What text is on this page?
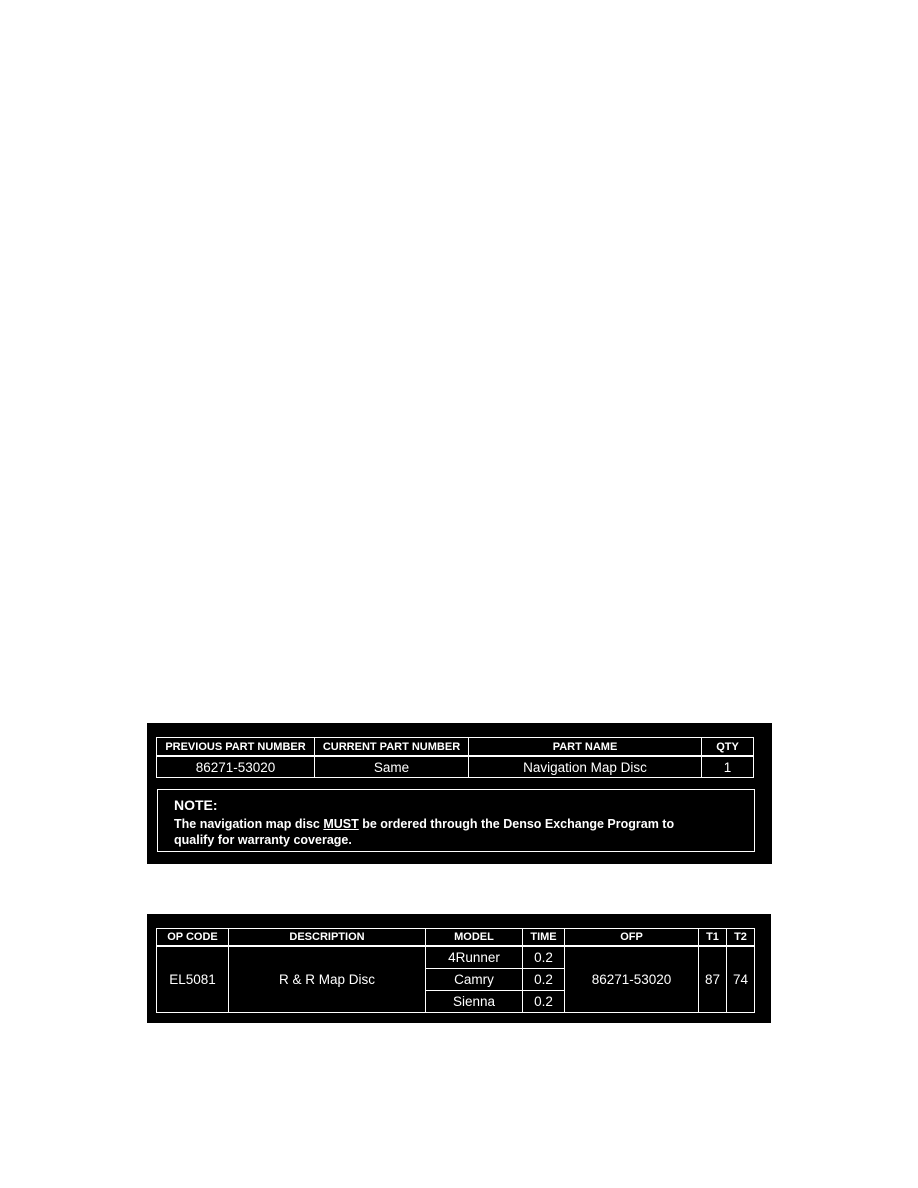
PREVIOUS PART NUMBER	CURRENT PART NUMBER	PART NAME	QTY
86271-53020	Same	Navigation Map Disc	1
NOTE:
The navigation map disc MUST be ordered through the Denso Exchange Program to
qualify for warranty coverage.
OP CODE	DESCRIPTION	MODEL	TIME	OFP	T1	T2
EL5081	R & R Map Disc	4Runner	0.2	86271-53020	87	74
		Camry	0.2			
		Sienna	0.2			
